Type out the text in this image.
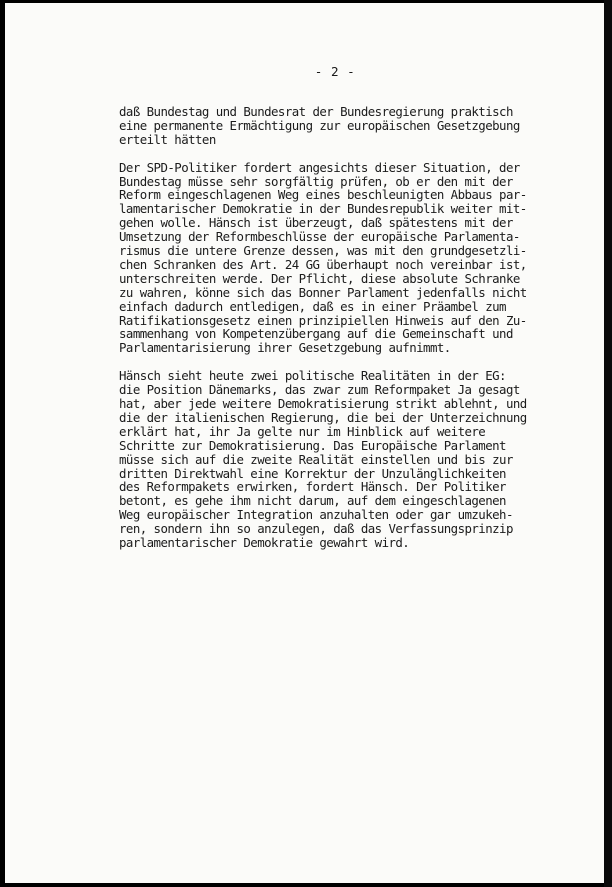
- 2 -
daß Bundestag und Bundesrat der Bundesregierung praktisch
eine permanente Ermächtigung zur europäischen Gesetzgebung
erteilt hätten
Der SPD-Politiker fordert angesichts dieser Situation, der
Bundestag müsse sehr sorgfältig prüfen, ob er den mit der
Reform eingeschlagenen Weg eines beschleunigten Abbaus par-
lamentarischer Demokratie in der Bundesrepublik weiter mit-
gehen wolle. Hänsch ist überzeugt, daß spätestens mit der
Umsetzung der Reformbeschlüsse der europäische Parlamenta-
rismus die untere Grenze dessen, was mit den grundgesetzli-
chen Schranken des Art. 24 GG überhaupt noch vereinbar ist,
unterschreiten werde. Der Pflicht, diese absolute Schranke
zu wahren, könne sich das Bonner Parlament jedenfalls nicht
einfach dadurch entledigen, daß es in einer Präambel zum
Ratifikationsgesetz einen prinzipiellen Hinweis auf den Zu-
sammenhang von Kompetenzübergang auf die Gemeinschaft und
Parlamentarisierung ihrer Gesetzgebung aufnimmt.
Hänsch sieht heute zwei politische Realitäten in der EG:
die Position Dänemarks, das zwar zum Reformpaket Ja gesagt
hat, aber jede weitere Demokratisierung strikt ablehnt, und
die der italienischen Regierung, die bei der Unterzeichnung
erklärt hat, ihr Ja gelte nur im Hinblick auf weitere
Schritte zur Demokratisierung. Das Europäische Parlament
müsse sich auf die zweite Realität einstellen und bis zur
dritten Direktwahl eine Korrektur der Unzulänglichkeiten
des Reformpakets erwirken, fordert Hänsch. Der Politiker
betont, es gehe ihm nicht darum, auf dem eingeschlagenen
Weg europäischer Integration anzuhalten oder gar umzukeh-
ren, sondern ihn so anzulegen, daß das Verfassungsprinzip
parlamentarischer Demokratie gewahrt wird.
